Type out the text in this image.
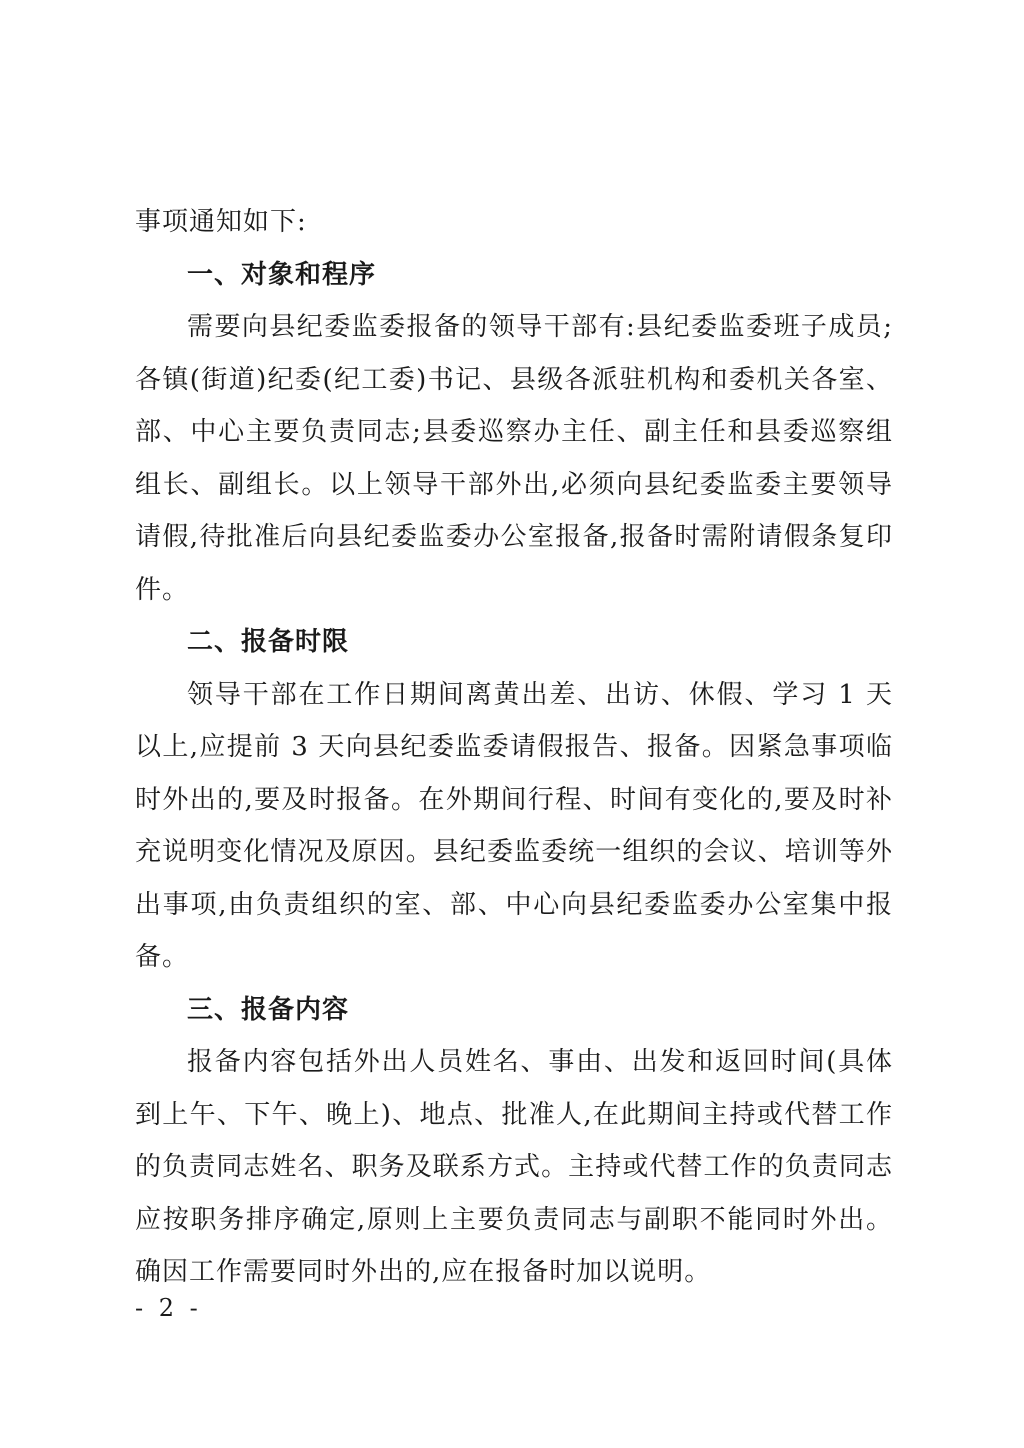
事项通知如下:

一、对象和程序

需要向县纪委监委报备的领导干部有:县纪委监委班子成员;各镇(街道)纪委(纪工委)书记、县级各派驻机构和委机关各室、部、中心主要负责同志;县委巡察办主任、副主任和县委巡察组组长、副组长。以上领导干部外出,必须向县纪委监委主要领导请假,待批准后向县纪委监委办公室报备,报备时需附请假条复印件。

二、报备时限

领导干部在工作日期间离黄出差、出访、休假、学习 1 天以上,应提前 3 天向县纪委监委请假报告、报备。因紧急事项临时外出的,要及时报备。在外期间行程、时间有变化的,要及时补充说明变化情况及原因。县纪委监委统一组织的会议、培训等外出事项,由负责组织的室、部、中心向县纪委监委办公室集中报备。

三、报备内容

报备内容包括外出人员姓名、事由、出发和返回时间(具体到上午、下午、晚上)、地点、批准人,在此期间主持或代替工作的负责同志姓名、职务及联系方式。主持或代替工作的负责同志应按职务排序确定,原则上主要负责同志与副职不能同时外出。确因工作需要同时外出的,应在报备时加以说明。

- 2 -
